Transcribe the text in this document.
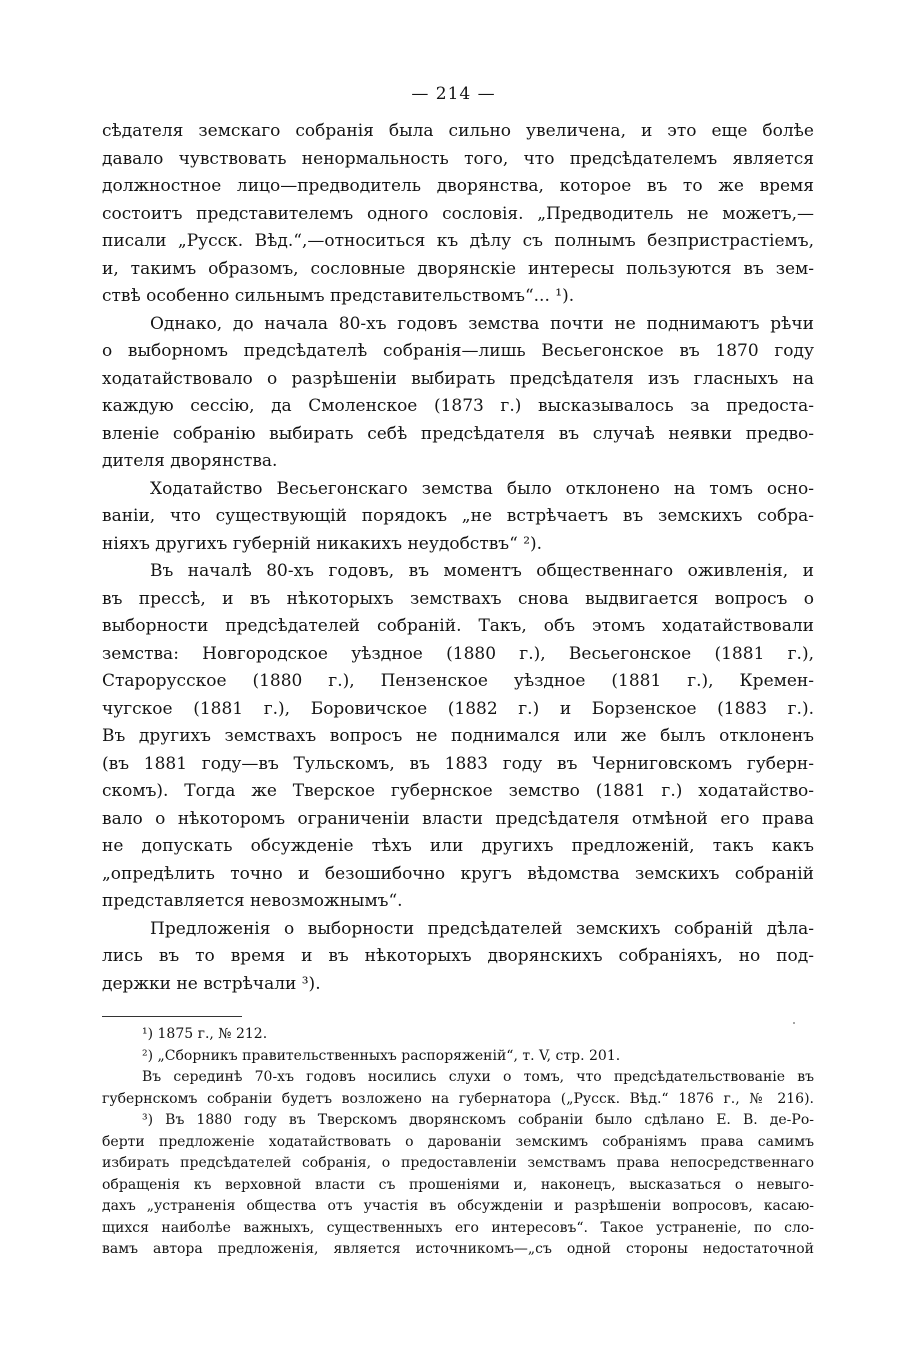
— 214 —
сѣдателя земскаго собранія была сильно увеличена, и это еще болѣе
давало чувствовать ненормальность того, что предсѣдателемъ является
должностное лицо—предводитель дворянства, которое въ то же время
состоитъ представителемъ одного сословія. „Предводитель не можетъ,—
писали „Русск. Вѣд.“,—относиться къ дѣлу съ полнымъ безпристрастіемъ,
и, такимъ образомъ, сословные дворянскіе интересы пользуются въ зем-
ствѣ особенно сильнымъ представительствомъ“... ¹).
Однако, до начала 80-хъ годовъ земства почти не поднимаютъ рѣчи
о выборномъ предсѣдателѣ собранія—лишь Весьегонское въ 1870 году
ходатайствовало о разрѣшеніи выбирать предсѣдателя изъ гласныхъ на
каждую сессію, да Смоленское (1873 г.) высказывалось за предоста-
вленіе собранію выбирать себѣ предсѣдателя въ случаѣ неявки предво-
дителя дворянства.
Ходатайство Весьегонскаго земства было отклонено на томъ осно-
ваніи, что существующій порядокъ „не встрѣчаетъ въ земскихъ собра-
ніяхъ другихъ губерній никакихъ неудобствъ“ ²).
Въ началѣ 80-хъ годовъ, въ моментъ общественнаго оживленія, и
въ прессѣ, и въ нѣкоторыхъ земствахъ снова выдвигается вопросъ о
выборности предсѣдателей собраній. Такъ, объ этомъ ходатайствовали
земства: Новгородское уѣздное (1880 г.), Весьегонское (1881 г.),
Старорусское (1880 г.), Пензенское уѣздное (1881 г.), Кремен-
чугское (1881 г.), Боровичское (1882 г.) и Борзенское (1883 г.).
Въ другихъ земствахъ вопросъ не поднимался или же былъ отклоненъ
(въ 1881 году—въ Тульскомъ, въ 1883 году въ Черниговскомъ губерн-
скомъ). Тогда же Тверское губернское земство (1881 г.) ходатайство-
вало о нѣкоторомъ ограниченіи власти предсѣдателя отмѣной его права
не допускать обсужденіе тѣхъ или другихъ предложеній, такъ какъ
„опредѣлить точно и безошибочно кругъ вѣдомства земскихъ собраній
представляется невозможнымъ“.
Предложенія о выборности предсѣдателей земскихъ собраній дѣла-
лись въ то время и въ нѣкоторыхъ дворянскихъ собраніяхъ, но под-
держки не встрѣчали ³).
¹) 1875 г., № 212.
²) „Сборникъ правительственныхъ распоряженій“, т. V, стр. 201.
Въ серединѣ 70-хъ годовъ носились слухи о томъ, что предсѣдательствованіе въ
губернскомъ собраніи будетъ возложено на губернатора („Русск. Вѣд.“ 1876 г., № 216).
³) Въ 1880 году въ Тверскомъ дворянскомъ собраніи было сдѣлано Е. В. де-Ро-
берти предложеніе ходатайствовать о дарованіи земскимъ собраніямъ права самимъ
избирать предсѣдателей собранія, о предоставленіи земствамъ права непосредственнаго
обращенія къ верховной власти съ прошеніями и, наконецъ, высказаться о невыго-
дахъ „устраненія общества отъ участія въ обсужденіи и разрѣшеніи вопросовъ, касаю-
щихся наиболѣе важныхъ, существенныхъ его интересовъ“. Такое устраненіе, по сло-
вамъ автора предложенія, является источникомъ—„съ одной стороны недостаточной
